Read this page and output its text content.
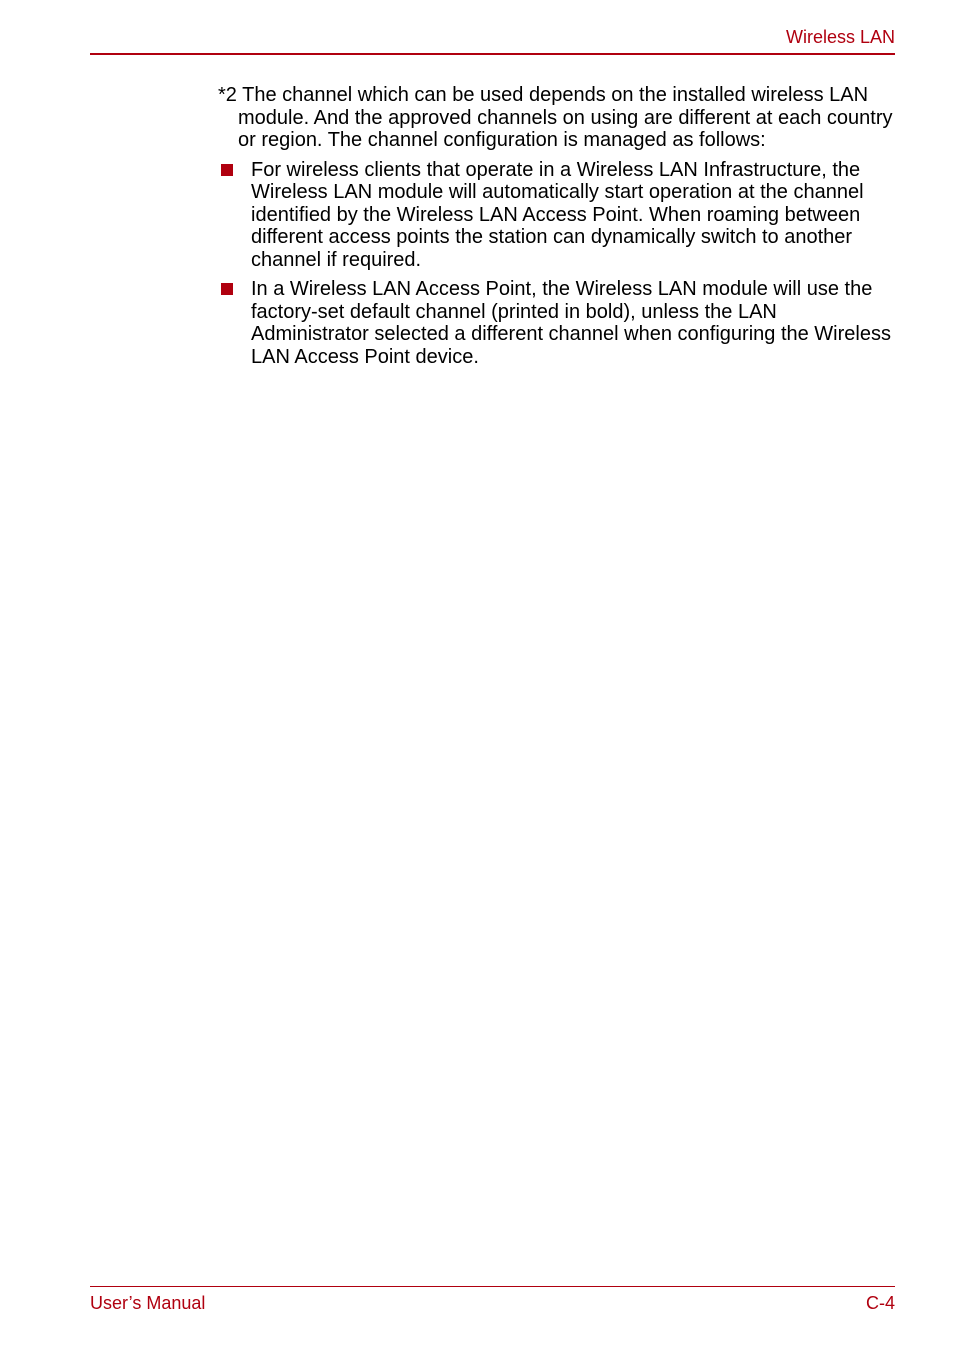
Wireless LAN

*2 The channel which can be used depends on the installed wireless LAN module. And the approved channels on using are different at each country or region. The channel configuration is managed as follows:

For wireless clients that operate in a Wireless LAN Infrastructure, the Wireless LAN module will automatically start operation at the channel identified by the Wireless LAN Access Point. When roaming between different access points the station can dynamically switch to another channel if required.
In a Wireless LAN Access Point, the Wireless LAN module will use the factory-set default channel (printed in bold), unless the LAN Administrator selected a different channel when configuring the Wireless LAN Access Point device.
User’s Manual	C-4
